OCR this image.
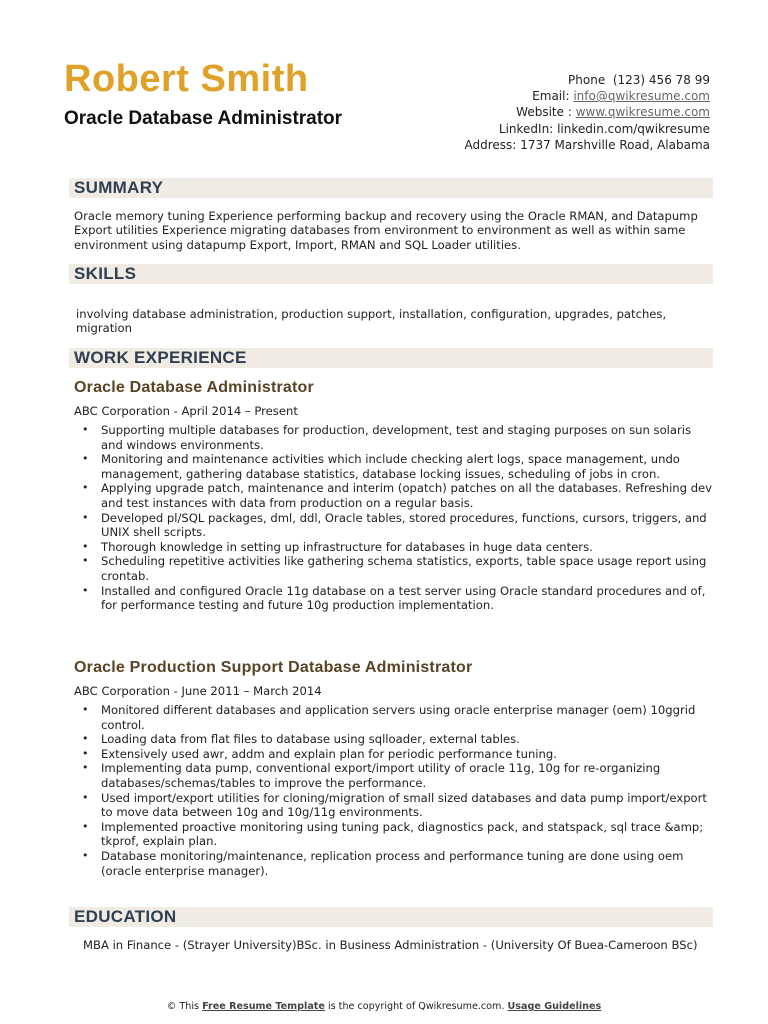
Robert Smith
Oracle Database Administrator
Phone (123) 456 78 99
Email: info@qwikresume.com
Website : www.qwikresume.com
LinkedIn: linkedin.com/qwikresume
Address: 1737 Marshville Road, Alabama
SUMMARY

Oracle memory tuning Experience performing backup and recovery using the Oracle RMAN, and Datapump Export utilities Experience migrating databases from environment to environment as well as within same environment using datapump Export, Import, RMAN and SQL Loader utilities.

SKILLS

involving database administration, production support, installation, configuration, upgrades, patches, migration

WORK EXPERIENCE
Oracle Database Administrator
ABC Corporation - April 2014 – Present
• Supporting multiple databases for production, development, test and staging purposes on sun solaris and windows environments.
• Monitoring and maintenance activities which include checking alert logs, space management, undo management, gathering database statistics, database locking issues, scheduling of jobs in cron.
• Applying upgrade patch, maintenance and interim (opatch) patches on all the databases. Refreshing dev and test instances with data from production on a regular basis.
• Developed pl/SQL packages, dml, ddl, Oracle tables, stored procedures, functions, cursors, triggers, and UNIX shell scripts.
• Thorough knowledge in setting up infrastructure for databases in huge data centers.
• Scheduling repetitive activities like gathering schema statistics, exports, table space usage report using crontab.
• Installed and configured Oracle 11g database on a test server using Oracle standard procedures and of, for performance testing and future 10g production implementation.
Oracle Production Support Database Administrator
ABC Corporation - June 2011 – March 2014
• Monitored different databases and application servers using oracle enterprise manager (oem) 10ggrid control.
• Loading data from flat files to database using sqlloader, external tables.
• Extensively used awr, addm and explain plan for periodic performance tuning.
• Implementing data pump, conventional export/import utility of oracle 11g, 10g for re-organizing databases/schemas/tables to improve the performance.
• Used import/export utilities for cloning/migration of small sized databases and data pump import/export to move data between 10g and 10g/11g environments.
• Implemented proactive monitoring using tuning pack, diagnostics pack, and statspack, sql trace &amp; tkprof, explain plan.
• Database monitoring/maintenance, replication process and performance tuning are done using oem (oracle enterprise manager).
EDUCATION

MBA in Finance - (Strayer University)BSc. in Business Administration - (University Of Buea-Cameroon BSc)

© This Free Resume Template is the copyright of Qwikresume.com. Usage Guidelines
